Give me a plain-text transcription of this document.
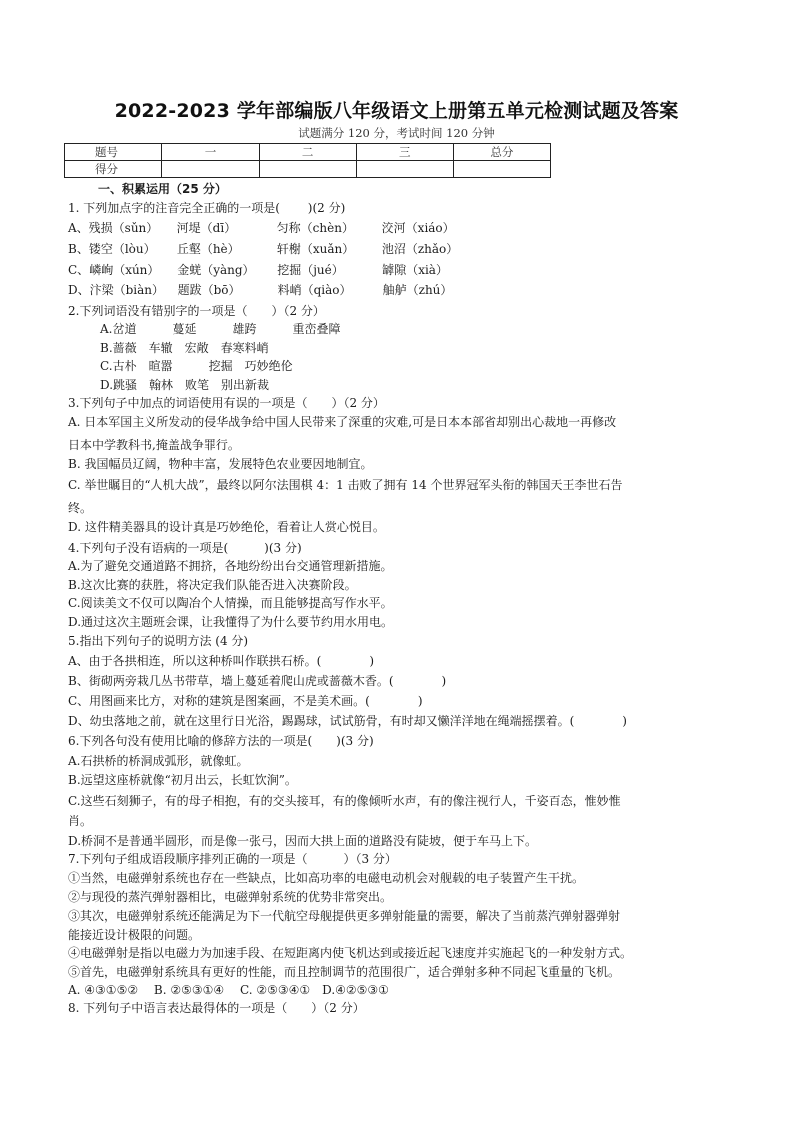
2022-2023 学年部编版八年级语文上册第五单元检测试题及答案
试题满分 120 分，考试时间 120 分钟
题号	一	二	三	总分
得分				
一、积累运用（25 分）
1. 下列加点字的注音完全正确的一项是(　　 )(2 分)
A、残损（sǔn） 河堤（dī）	匀称（chèn） 洨河（xiáo）
B、镂空（lòu） 丘壑（hè）	轩榭（xuǎn） 池沼（zhǎo）
C、嶙峋（xún） 金蜣（yàng） 挖掘（jué）	罅隙（xià）
D、汴梁（biàn） 题跋（bō）	料峭（qiào）	舳舻（zhú）
2.下列词语没有错别字的一项是（　　）（2 分）
A.岔道　　　蔓延　　　雄跨　　　重峦叠障
B.蔷薇　车辙　宏敞　春寒料峭
C.古朴　暄嚣　　　挖掘　巧妙绝伦
D.跳骚　翰林　败笔　别出新裁
3.下列句子中加点的词语使用有误的一项是（　　）（2 分）
A. 日本军国主义所发动的侵华战争给中国人民带来了深重的灾难,可是日本本部省却别出心裁地一再修改
日本中学教科书,掩盖战争罪行。
B. 我国幅员辽阔，物种丰富，发展特色农业要因地制宜。
C. 举世瞩目的“人机大战”，最终以阿尔法围棋 4：1 击败了拥有 14 个世界冠军头衔的韩国天王李世石告
终。
D. 这件精美器具的设计真是巧妙绝伦，看着让人赏心悦目。
4.下列句子没有语病的一项是(　　　)(3 分)
A.为了避免交通道路不拥挤，各地纷纷出台交通管理新措施。
B.这次比赛的获胜，将决定我们队能否进入决赛阶段。
C.阅读美文不仅可以陶冶个人情操，而且能够提高写作水平。
D.通过这次主题班会课，让我懂得了为什么要节约用水用电。
5.指出下列句子的说明方法 (4 分)
A、由于各拱相连，所以这种桥叫作联拱石桥。(　　　　)
B、街砌两旁栽几丛书带草，墙上蔓延着爬山虎或蔷薇木香。(　　　　)
C、用图画来比方，对称的建筑是图案画，不是美术画。(　　　　)
D、幼虫落地之前，就在这里行日光浴，踢踢球，试试筋骨，有时却又懒洋洋地在绳端摇摆着。(　　　　)
6.下列各句没有使用比喻的修辞方法的一项是(　　)(3 分)
A.石拱桥的桥洞成弧形，就像虹。
B.远望这座桥就像“初月出云，长虹饮涧”。
C.这些石刻狮子，有的母子相抱，有的交头接耳，有的像倾听水声，有的像注视行人，千姿百态，惟妙惟
肖。
D.桥洞不是普通半圆形，而是像一张弓，因而大拱上面的道路没有陡坡，便于车马上下。
7.下列句子组成语段顺序排列正确的一项是（　　　）（3 分）
①当然，电磁弹射系统也存在一些缺点，比如高功率的电磁电动机会对舰载的电子装置产生干扰。
②与现役的蒸汽弹射器相比，电磁弹射系统的优势非常突出。
③其次，电磁弹射系统还能满足为下一代航空母舰提供更多弹射能量的需要，解决了当前蒸汽弹射器弹射
能接近设计极限的问题。
④电磁弹射是指以电磁力为加速手段、在短距离内使飞机达到或接近起飞速度并实施起飞的一种发射方式。
⑤首先，电磁弹射系统具有更好的性能，而且控制调节的范围很广，适合弹射多种不同起飞重量的飞机。
A. ④③①⑤②　 B. ②⑤③①④　 C. ②⑤③④①　D.④②⑤③①
8. 下列句子中语言表达最得体的一项是（　　）（2 分）
